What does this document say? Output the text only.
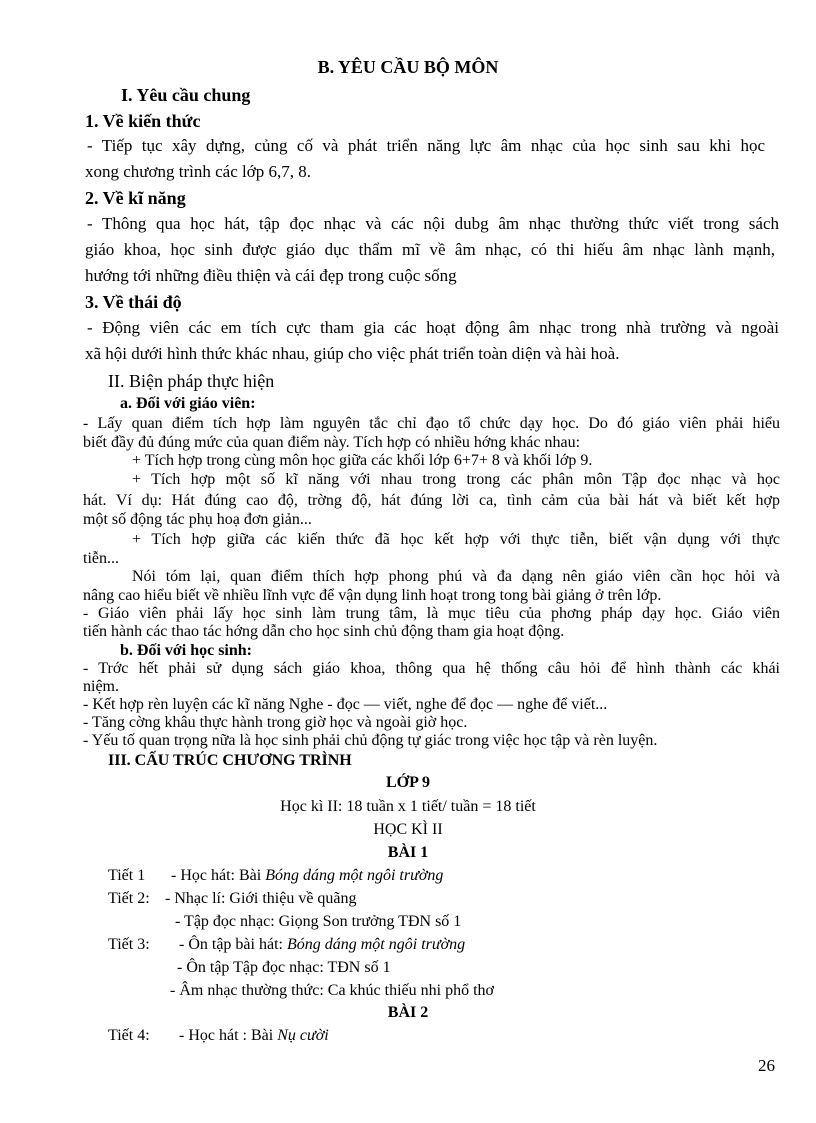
B. YÊU CẦU BỘ MÔN
I. Yêu cầu chung
1. Về kiến thức
- Tiếp tục xây dựng, củng cố và phát triển năng lực âm nhạc của học sinh sau khi học
xong chương trình các lớp 6,7, 8.
2. Về kĩ năng
- Thông qua học hát, tập đọc nhạc và các nội dubg âm nhạc thường thức viết trong sách
giáo khoa, học sinh được giáo dục thẩm mĩ về âm nhạc, có thi hiếu âm nhạc lành mạnh,
hướng tới những điều thiện và cái đẹp trong cuộc sống
3. Về thái độ
- Động viên các em tích cực tham gia các hoạt động âm nhạc trong nhà trường và ngoài
xã hội dưới hình thức khác nhau, giúp cho việc phát triển toàn diện và hài hoà.
II. Biện pháp thực hiện
a. Đối với giáo viên:
- Lấy quan điểm tích hợp làm nguyên tắc chỉ đạo tổ chức dạy học. Do đó giáo viên phải hiểu
biết đầy đủ đúng mức của quan điểm này. Tích hợp có nhiều hớng khác nhau:
+ Tích hợp trong cùng môn học giữa các khối lớp 6+7+ 8 và khối lớp 9.
+ Tích hợp một số kĩ năng với nhau trong trong các phân môn Tập đọc nhạc và học
hát. Ví dụ: Hát đúng cao độ, trờng độ, hát đúng lời ca, tình cảm của bài hát và biết kết hợp
một số động tác phụ hoạ đơn giản...
+ Tích hợp giữa các kiến thức đã học kết hợp với thực tiễn, biết vận dụng với thực
tiễn...
Nói tóm lại, quan điểm thích hợp phong phú và đa dạng nên giáo viên cần học hỏi và
nâng cao hiểu biết về nhiều lĩnh vực để vận dụng linh hoạt trong tong bài giảng ở trên lớp.
- Giáo viên phải lấy học sinh làm trung tâm, là mục tiêu của phơng pháp dạy học. Giáo viên
tiến hành các thao tác hớng dẫn cho học sinh chủ động tham gia hoạt động.
b. Đối với học sinh:
- Trớc hết phải sử dụng sách giáo khoa, thông qua hệ thống câu hỏi để hình thành các khái
niệm.
- Kết hợp rèn luyện các kĩ năng Nghe - đọc — viết, nghe để đọc — nghe để viết...
- Tăng cờng khâu thực hành trong giờ học và ngoài giờ học.
- Yếu tố quan trọng nữa là học sinh phải chủ động tự giác trong việc học tập và rèn luyện.
III. CẤU TRÚC CHƯƠNG TRÌNH
LỚP 9
Học kì II: 18 tuần x 1 tiết/ tuần = 18 tiết
HỌC KÌ II
BÀI 1
Tiết 1 - Học hát: Bài Bóng dáng một ngôi trường
Tiết 2: - Nhạc lí: Giới thiệu về quãng
- Tập đọc nhạc: Giọng Son trưởng TĐN số 1
Tiết 3: - Ôn tập bài hát: Bóng dáng một ngôi trường
- Ôn tập Tập đọc nhạc: TĐN số 1
- Âm nhạc thường thức: Ca khúc thiếu nhi phổ thơ
BÀI 2
Tiết 4: - Học hát : Bài Nụ cười
26
